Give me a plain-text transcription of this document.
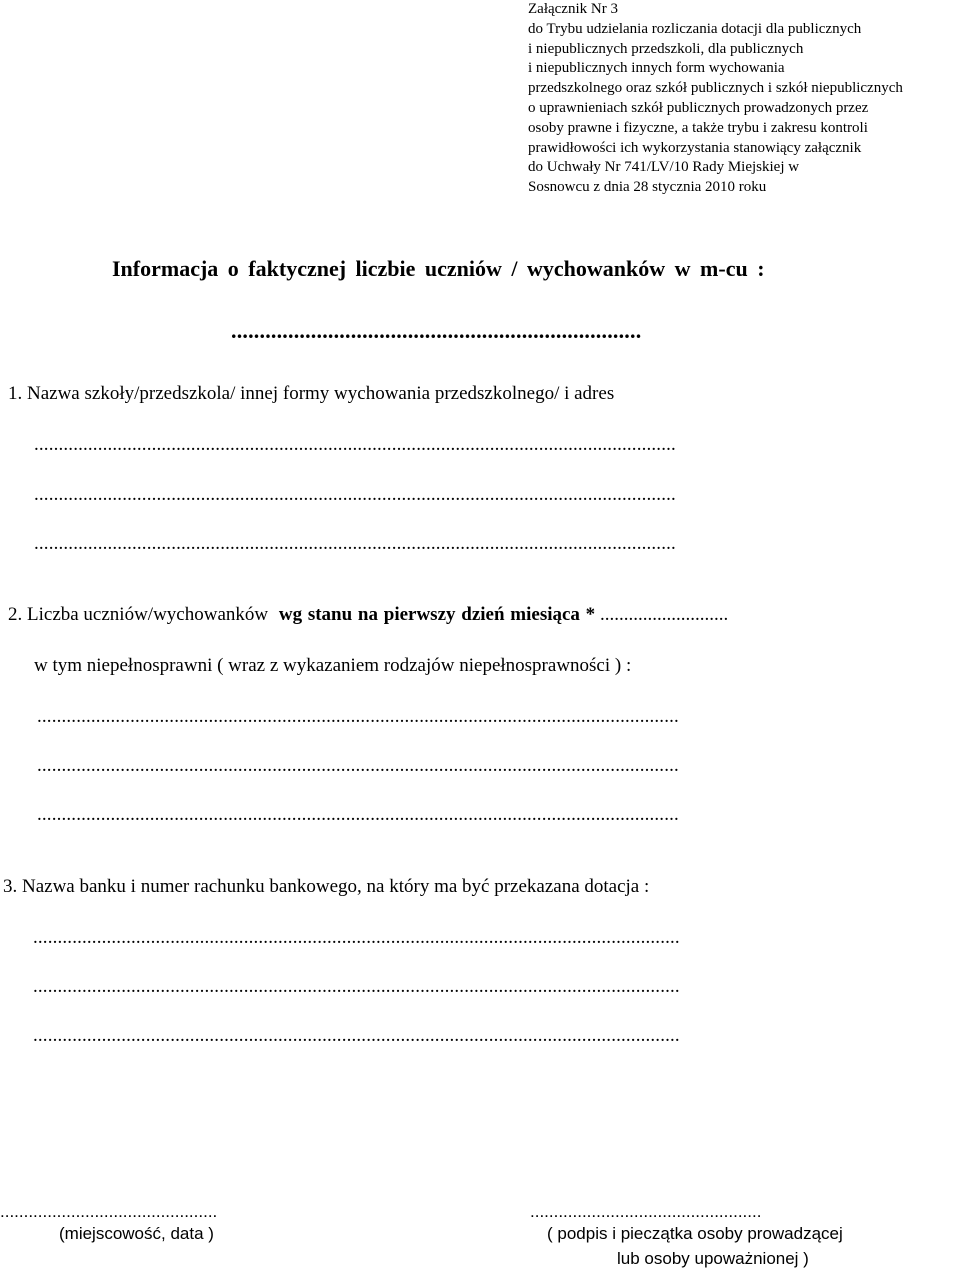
Załącznik Nr 3
do Trybu udzielania rozliczania dotacji dla publicznych
i niepublicznych przedszkoli, dla publicznych
i niepublicznych innych form wychowania
przedszkolnego oraz szkół publicznych i szkół niepublicznych
o uprawnieniach szkół publicznych prowadzonych przez
osoby prawne i fizyczne, a także trybu i zakresu kontroli
prawidłowości ich wykorzystania stanowiący załącznik
do Uchwały Nr 741/LV/10 Rady Miejskiej w
Sosnowcu z dnia 28 stycznia 2010 roku
Informacja o faktycznej liczbie uczniów / wychowanków w m-cu :
........................................................................
1. Nazwa szkoły/przedszkola/ innej formy wychowania przedszkolnego/ i adres
...................................................................................................................................
...................................................................................................................................
...................................................................................................................................
2. Liczba uczniów/wychowanków wg stanu na pierwszy dzień miesiąca * ...........................
w tym niepełnosprawni ( wraz z wykazaniem rodzajów niepełnosprawności ) :
...................................................................................................................................
...................................................................................................................................
...................................................................................................................................
3. Nazwa banku i numer rachunku bankowego, na który ma być przekazana dotacja :
....................................................................................................................................
....................................................................................................................................
....................................................................................................................................
..............................................
(miejscowość, data )
.................................................
( podpis i pieczątka osoby prowadzącej
lub osoby upoważnionej )
